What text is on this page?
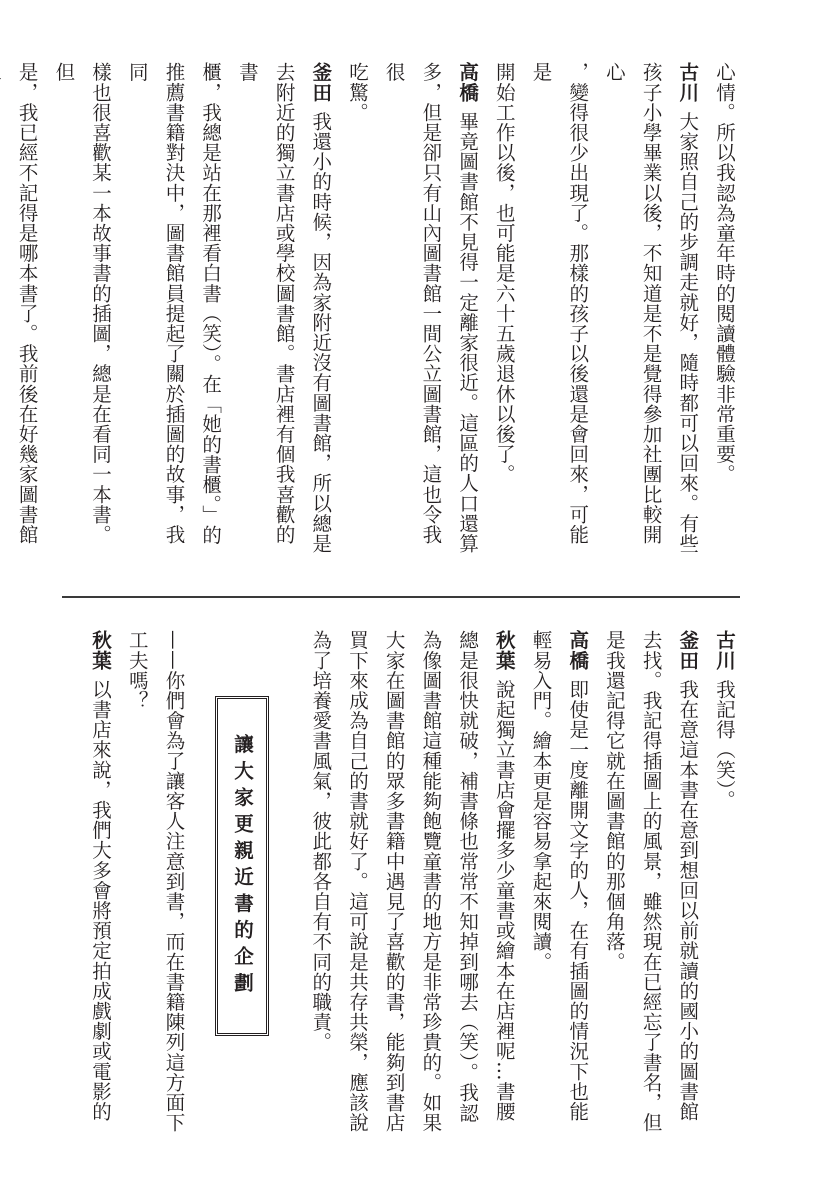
心情。所以我認為童年時的閱讀體驗非常重要。
古川大家照自己的步調走就好，隨時都可以回來。有些
孩子小學畢業以後，不知道是不是覺得參加社團比較開心
，變得很少出現了。那樣的孩子以後還是會回來，可能是
開始工作以後，也可能是六十五歲退休以後了。
高橋畢竟圖書館不見得一定離家很近。這區的人口還算
多，但是卻只有山內圖書館一間公立圖書館，這也令我很
吃驚。
釜田我還小的時候，因為家附近沒有圖書館，所以總是
去附近的獨立書店或學校圖書館。書店裡有個我喜歡的書
櫃，我總是站在那裡看白書（笑）。在「她的書櫃。」的
推薦書籍對決中，圖書館員提起了關於插圖的故事，我同
樣也很喜歡某一本故事書的插圖，總是在看同一本書。但
是，我已經不記得是哪本書了。我前後在好幾家圖書館
古川我記得（笑）。
釜田我在意這本書在意到想回以前就讀的國小的圖書館
去找。我記得插圖上的風景，雖然現在已經忘了書名，但
是我還記得它就在圖書館的那個角落。
高橋即使是一度離開文字的人，在有插圖的情況下也能
輕易入門。繪本更是容易拿起來閱讀。
秋葉說起獨立書店會擺多少童書或繪本在店裡呢…書腰
總是很快就破，補書條也常常不知掉到哪去（笑）。我認
為像圖書館這種能夠飽覽童書的地方是非常珍貴的。如果
大家在圖書館的眾多書籍中遇見了喜歡的書，能夠到書店
買下來成為自己的書就好了。這可說是共存共榮，應該說
為了培養愛書風氣，彼此都各自有不同的職責。

——你們會為了讓客人注意到書，而在書籍陳列這方面下
工夫嗎？
秋葉以書店來說，我們大多會將預定拍成戲劇或電影的	讓大家更親近書的企劃
